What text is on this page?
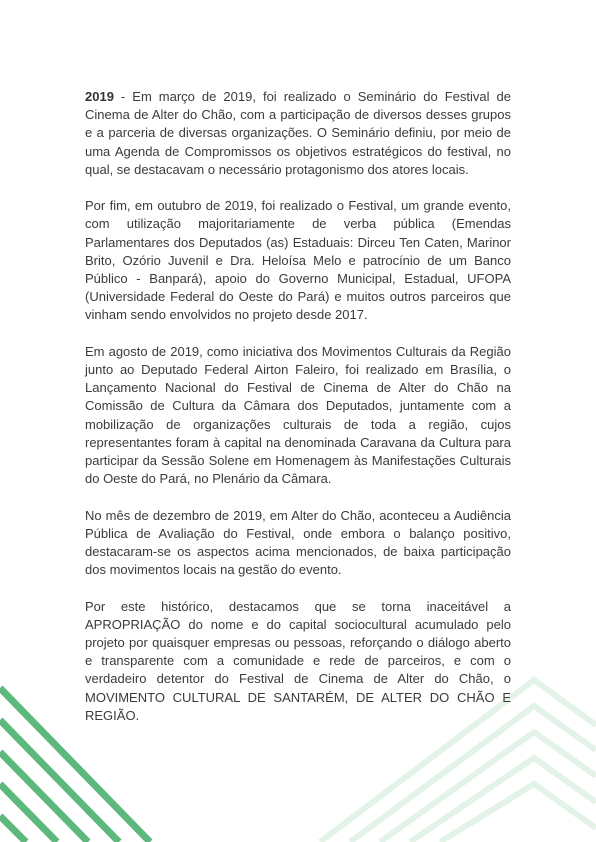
2019 - Em março de 2019, foi realizado o Seminário do Festival de Cinema de Alter do Chão, com a participação de diversos desses grupos e a parceria de diversas organizações. O Seminário definiu, por meio de uma Agenda de Compromissos os objetivos estratégicos do festival, no qual, se destacavam o necessário protagonismo dos atores locais.

Por fim, em outubro de 2019, foi realizado o Festival, um grande evento, com utilização majoritariamente de verba pública (Emendas Parlamentares dos Deputados (as) Estaduais: Dirceu Ten Caten, Marinor Brito, Ozório Juvenil e Dra. Heloísa Melo e patrocínio de um Banco Público - Banpará), apoio do Governo Municipal, Estadual, UFOPA (Universidade Federal do Oeste do Pará) e muitos outros parceiros que vinham sendo envolvidos no projeto desde 2017.

Em agosto de 2019, como iniciativa dos Movimentos Culturais da Região junto ao Deputado Federal Airton Faleiro, foi realizado em Brasília, o Lançamento Nacional do Festival de Cinema de Alter do Chão na Comissão de Cultura da Câmara dos Deputados, juntamente com a mobilização de organizações culturais de toda a região, cujos representantes foram à capital na denominada Caravana da Cultura para participar da Sessão Solene em Homenagem às Manifestações Culturais do Oeste do Pará, no Plenário da Câmara.

No mês de dezembro de 2019, em Alter do Chão, aconteceu a Audiência Pública de Avaliação do Festival, onde embora o balanço positivo, destacaram-se os aspectos acima mencionados, de baixa participação dos movimentos locais na gestão do evento.

Por este histórico, destacamos que se torna inaceitável a APROPRIAÇÃO do nome e do capital sociocultural acumulado pelo projeto por quaisquer empresas ou pessoas, reforçando o diálogo aberto e transparente com a comunidade e rede de parceiros, e com o verdadeiro detentor do Festival de Cinema de Alter do Chão, o MOVIMENTO CULTURAL DE SANTARÉM, DE ALTER DO CHÃO E REGIÃO.
